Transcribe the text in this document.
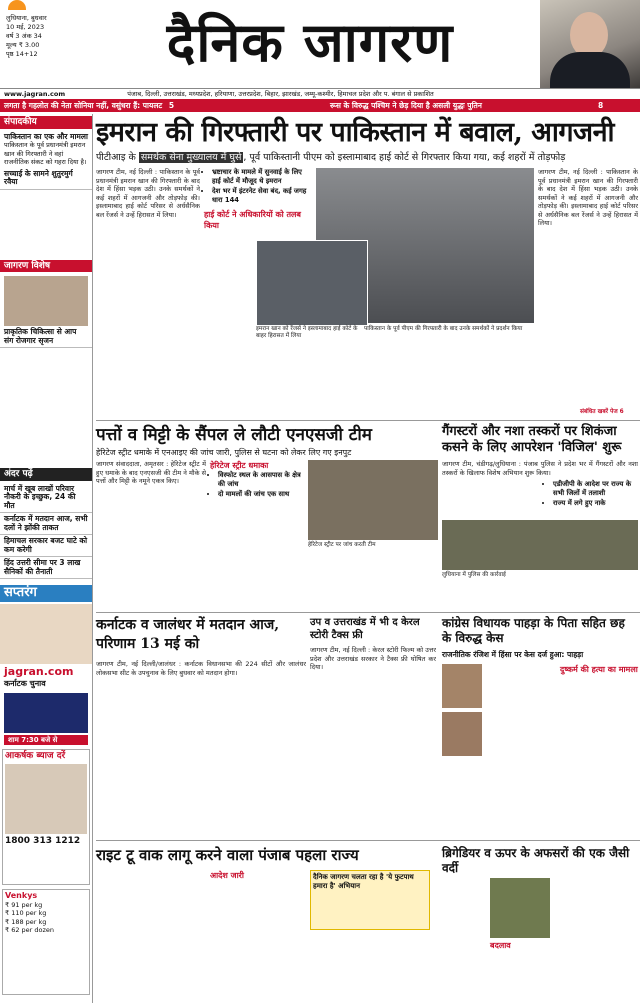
लुधियाना, बुधवार
10 मई, 2023
वर्ष 3 अंक 34
मूल्य ₹ 3.00
पृष्ठ 14+12	दैनिक जागरण
www.jagran.com	पंजाब, दिल्ली, उत्तराखंड, मध्यप्रदेश, हरियाणा, उत्तरप्रदेश, बिहार, झारखंड, जम्मू-कश्मीर, हिमाचल प्रदेश और प. बंगाल से प्रकाशित
लगता है गहलोत की नेता सोनिया नहीं, वसुंधरा हैं: पायलट 5	रूस के विरुद्ध पश्चिम ने छेड़ दिया है असली युद्धः पुतिन	8
संपादकीय
पाकिस्तान का एक और मामला
पाकिस्तान के पूर्व प्रधानमंत्री इमरान खान की गिरफ्तारी ने वहां राजनीतिक संकट को गहरा दिया है।
सच्चाई के सामने शुतुरमुर्ग रवैया
जागरण विशेष
प्राकृतिक चिकित्सा से आप संग रोजगार सृजन
अंदर पढ़ें
मार्च में खूब लाखों परिवार नौकरी के इच्छुक, 24 की मौत
कर्नाटक में मतदान आज, सभी दलों ने झोंकी ताकत
हिमाचल सरकार बजट घाटे को कम करेगी
हिंद उत्तरी सीमा पर 3 लाख सैनिकों की तैनाती
सप्तरंग
jagran.com
कर्नाटक चुनाव
शाम 7:30 बजे से
आकर्षक ब्याज दरें
1800 313 1212
Venkys
₹ 91 per kg
₹ 110 per kg
₹ 188 per kg
₹ 62 per dozen
इमरान की गिरफ्तारी पर पाकिस्तान में बवाल, आगजनी
पीटीआइ के समर्थक सेना मुख्यालय में घुसे , पूर्व पाकिस्तानी पीएम को इस्लामाबाद हाई कोर्ट से गिरफ्तार किया गया, कई शहरों में तोड़फोड़

जागरण टीम, नई दिल्ली : पाकिस्तान के पूर्व प्रधानमंत्री इमरान खान की गिरफ्तारी के बाद देश में हिंसा भड़क उठी। उनके समर्थकों ने कई शहरों में आगजनी और तोड़फोड़ की। इस्लामाबाद हाई कोर्ट परिसर से अर्धसैनिक बल रेंजर्स ने उन्हें हिरासत में लिया।

• भ्रष्टाचार के मामले में सुनवाई के लिए हाई कोर्ट में मौजूद थे इमरान
• देश भर में इंटरनेट सेवा बंद, कई जगह धारा 144
हाई कोर्ट ने अधिकारियों को तलब किया
इमरान खान को रेंजर्स ने इस्लामाबाद हाई कोर्ट के बाहर हिरासत में लिया
पाकिस्तान के पूर्व पीएम की गिरफ्तारी के बाद उनके समर्थकों ने प्रदर्शन किया

जागरण टीम, नई दिल्ली : पाकिस्तान के पूर्व प्रधानमंत्री इमरान खान की गिरफ्तारी के बाद देश में हिंसा भड़क उठी। उनके समर्थकों ने कई शहरों में आगजनी और तोड़फोड़ की। इस्लामाबाद हाई कोर्ट परिसर से अर्धसैनिक बल रेंजर्स ने उन्हें हिरासत में लिया।

संबंधित खबरें पेज 6
पत्तों व मिट्टी के सैंपल ले लौटी एनएसजी टीम
हेरिटेज स्ट्रीट धमाके में एनआइए की जांच जारी, पुलिस से घटना को लेकर लिए गए इनपुट

जागरण संवाददाता, अमृतसर : हेरिटेज स्ट्रीट में हुए धमाके के बाद एनएसजी की टीम ने मौके से पत्तों और मिट्टी के नमूने एकत्र किए।

हेरिटेज स्ट्रीट धमाका
• विस्फोट स्थल के आसपास के क्षेत्र की जांच
• दो मामलों की जांच एक साथ
हेरिटेज स्ट्रीट पर जांच करती टीम
गैंगस्टरों और नशा तस्करों पर शिकंजा कसने के लिए आपरेशन 'विजिल' शुरू

जागरण टीम, चंडीगढ़/लुधियाना : पंजाब पुलिस ने प्रदेश भर में गैंगस्टरों और नशा तस्करों के खिलाफ विशेष अभियान शुरू किया।

• एडीजीपी के आदेश पर राज्य के सभी जिलों में तलाशी
• राज्य में लगे हुए नाके
लुधियाना में पुलिस की कार्रवाई
कर्नाटक व जालंधर में मतदान आज, परिणाम 13 मई को

जागरण टीम, नई दिल्ली/जालंधर : कर्नाटक विधानसभा की 224 सीटों और जालंधर लोकसभा सीट के उपचुनाव के लिए बुधवार को मतदान होगा।

उप व उत्तराखंड में भी द केरल स्टोरी टैक्स फ्री

जागरण टीम, नई दिल्ली : केरल स्टोरी फिल्म को उत्तर प्रदेश और उत्तराखंड सरकार ने टैक्स फ्री घोषित कर दिया।

कांग्रेस विधायक पाहड़ा के पिता सहित छह के विरुद्ध केस
राजनीतिक रंजिश में हिंसा पर केस दर्ज हुआ: पाहड़ा
दुष्कर्म की हत्या का मामला
राइट टू वाक लागू करने वाला पंजाब पहला राज्य
आदेश जारी	दैनिक जागरण चलता रहा है 'ये फुटपाथ हमारा है' अभियान
ब्रिगेडियर व ऊपर के अफसरों की एक जैसी वर्दी
बदलाव
